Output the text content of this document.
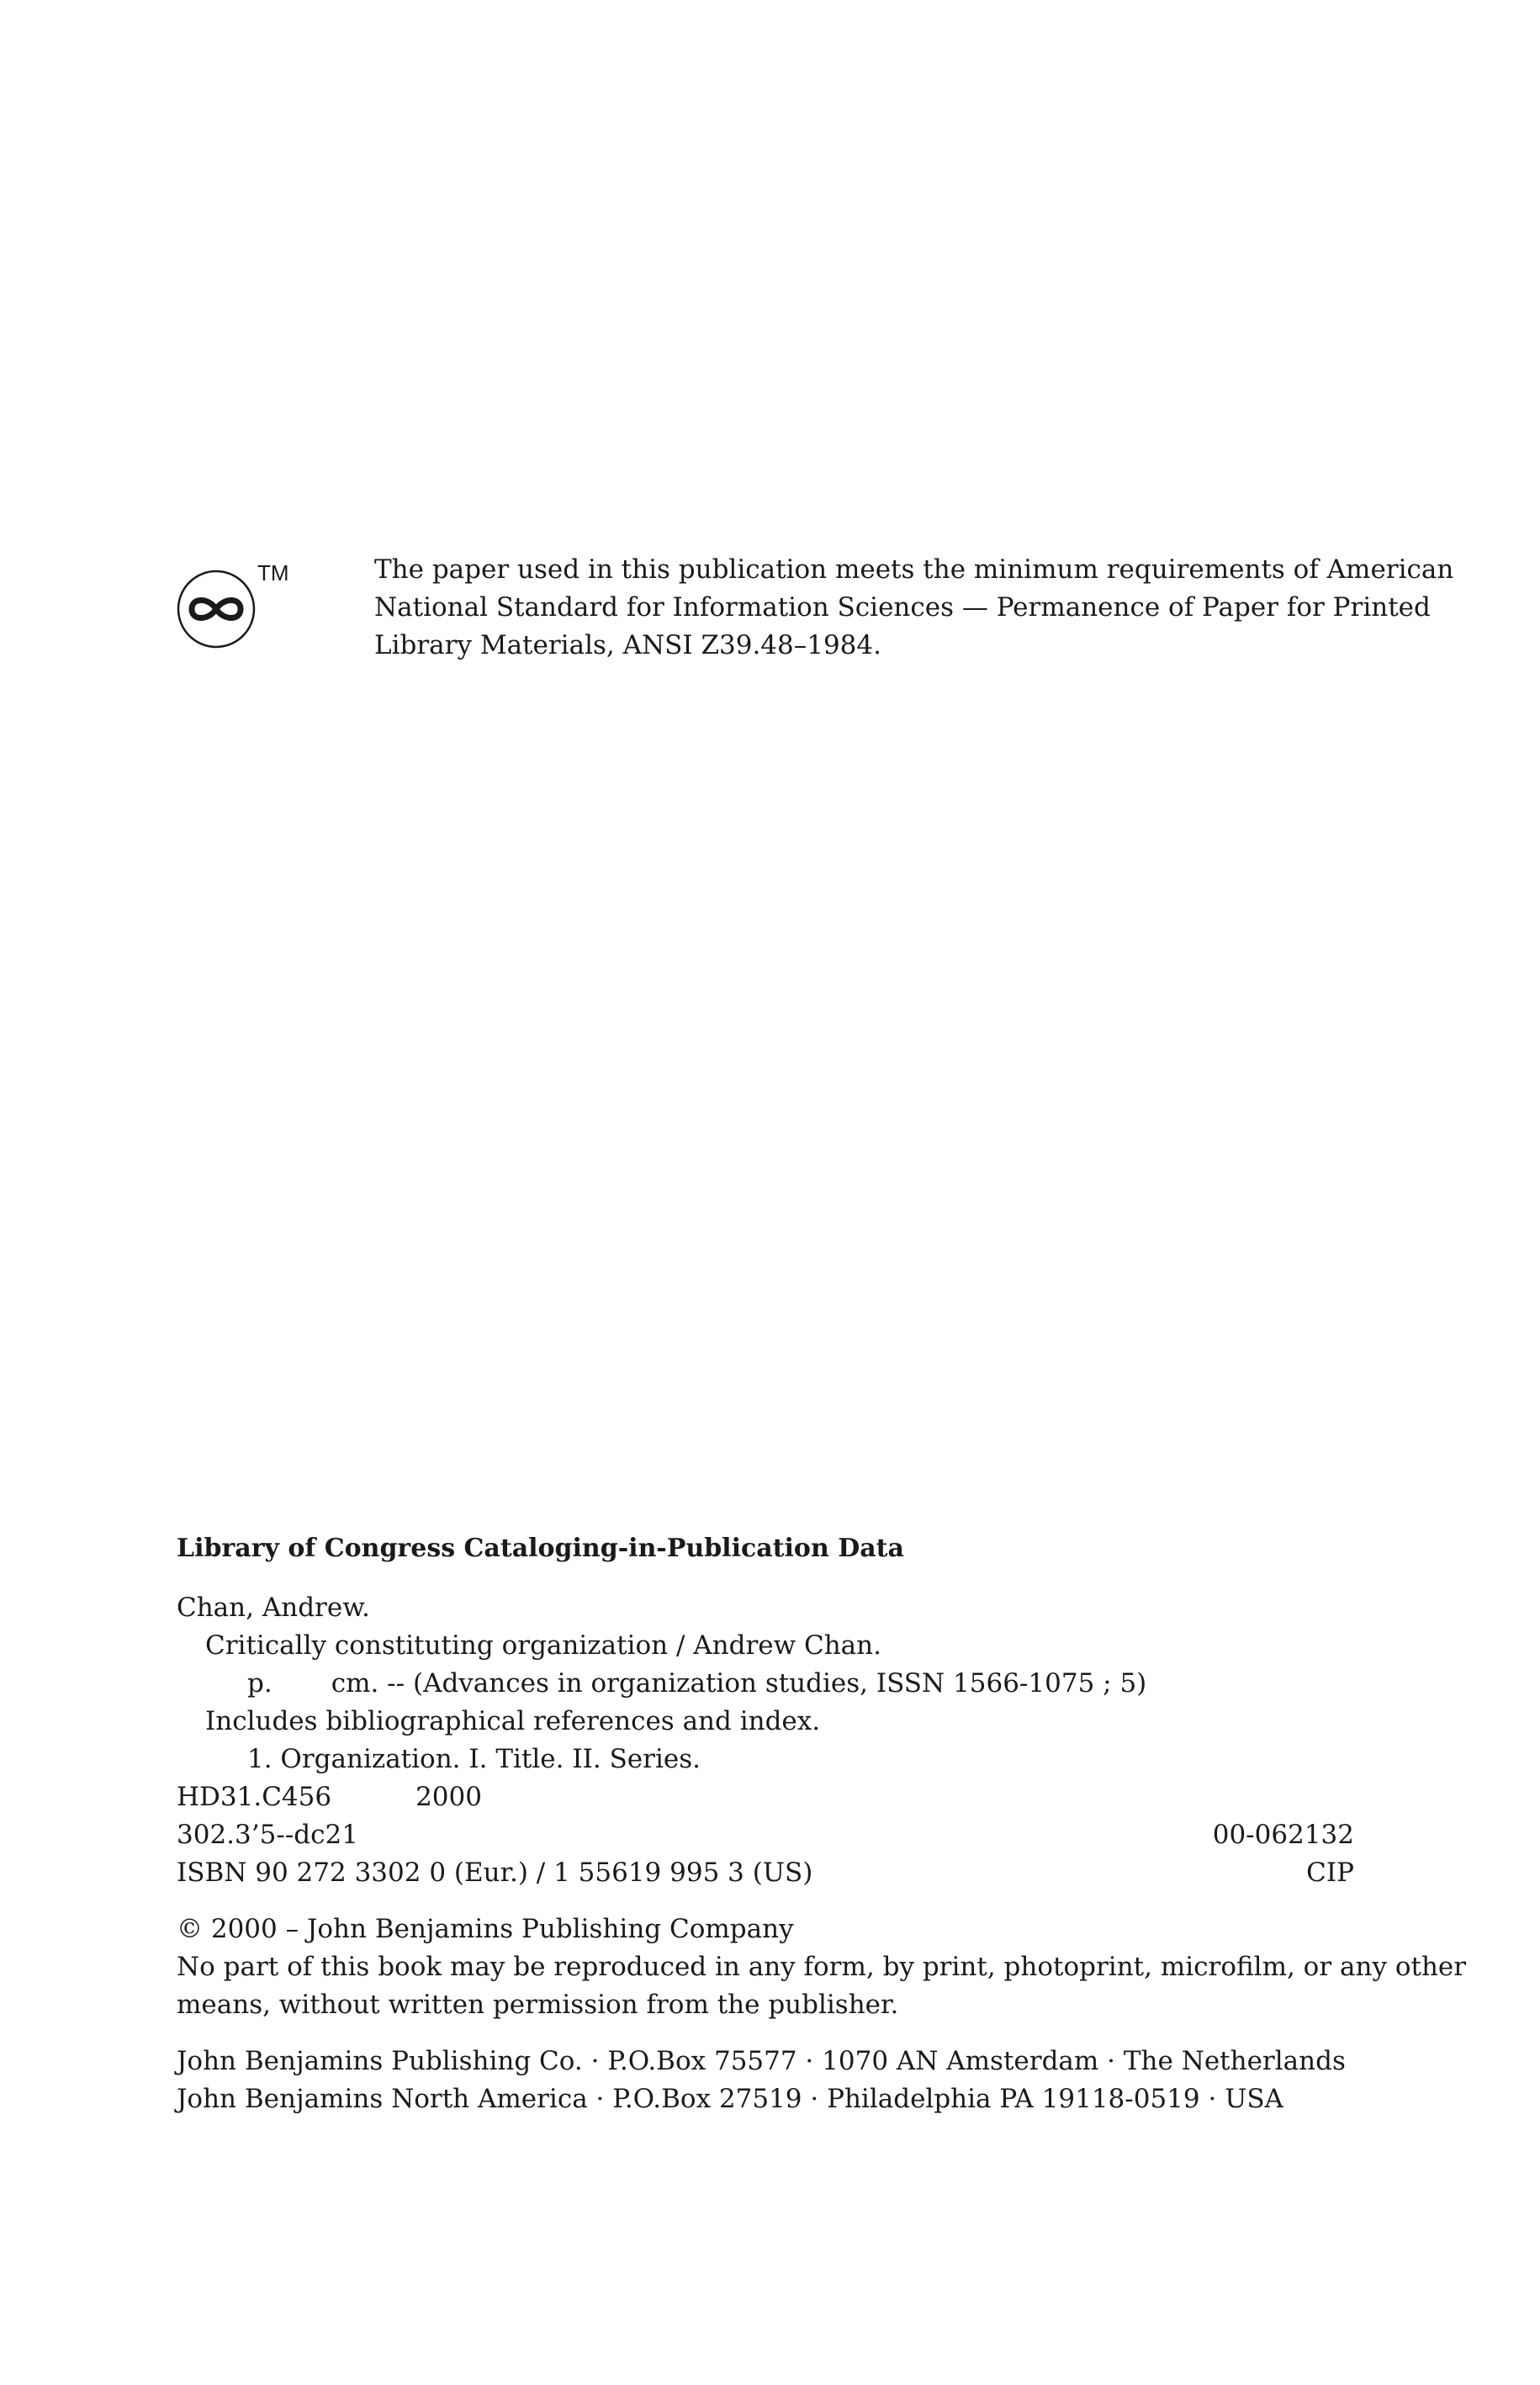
TM	The paper used in this publication meets the minimum requirements of American
National Standard for Information Sciences — Permanence of Paper for Printed
Library Materials, ANSI Z39.48–1984.
Library of Congress Cataloging-in-Publication Data
Chan, Andrew.
Critically constituting organization / Andrew Chan.
p. cm. -- (Advances in organization studies, ISSN 1566-1075 ; 5)
Includes bibliographical references and index.
1. Organization. I. Title. II. Series.
HD31.C456	2000
302.3’5--dc21	00-062132
ISBN 90 272 3302 0 (Eur.) / 1 55619 995 3 (US)	CIP
© 2000 – John Benjamins Publishing Company
No part of this book may be reproduced in any form, by print, photoprint, microfilm, or any other
means, without written permission from the publisher.
John Benjamins Publishing Co. · P.O.Box 75577 · 1070 AN Amsterdam · The Netherlands
John Benjamins North America · P.O.Box 27519 · Philadelphia PA 19118-0519 · USA
